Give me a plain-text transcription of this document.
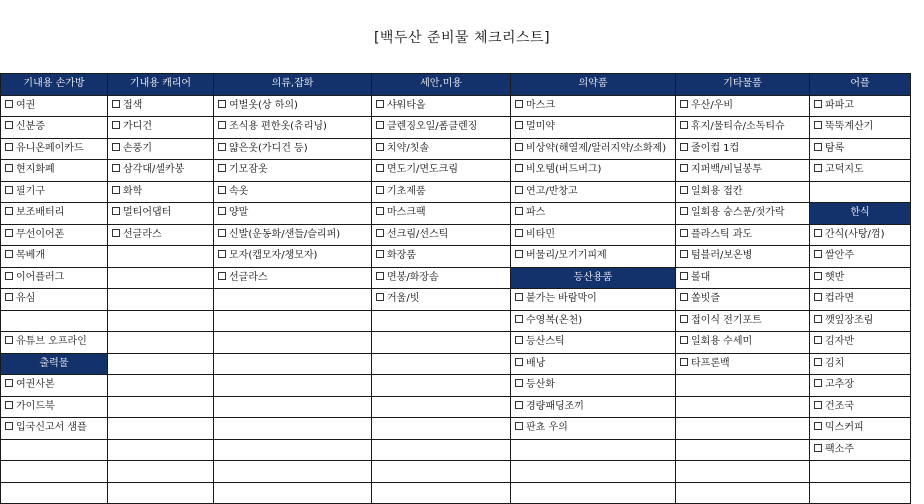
[백두산 준비물 체크리스트]
기내용 손가방	기내용 캐리어	의류,잡화	세안,미용	의약품	기타물품	어플
여권	접색	여벌옷(상 하의)	샤워타올	마스크	우산/우비	파파고
신분증	가디건	조식용 편한옷(츄리닝)	클렌징오일/폼클렌징	멀미약	휴지/물티슈/소독티슈	뚝뚝계산기
유니온페이카드	손풍기	얇은옷(가디건 등)	치약/칫솔	비상약(해열제/알러지약/소화제)	줄이컵 1컵	탐록
현지화폐	삼각대/셀카봉	기모잠옷	면도기/면도크림	비오템(버드버그)	지퍼백/비닐봉투	고덕지도
필기구	화학	속옷	기초제품	연고/반창고	일회용 접칸	
보조배터리	멀티어댑터	양말	마스크팩	파스	일회용 숭스푼/젓가락	한식
무선이어폰	선글라스	신발(운동화/샌들/슬리퍼)	선크림/선스틱	비타민	플라스틱 과도	간식(사탕/껌)
목베개		모자(캡모자/챙모자)	화장품	버물리/모기기피제	텀블러/보온병	쌀안주
이어플러그		선글라스	면봉/화장솜	등산용품	볼대	햇반
유심			거울/빗	붙가는 바람막이	쏠빗즐	컵라면
				수영복(온천)	접이식 전기포트	깻잎장조림
유튜브 오프라인				등산스틱	일회용 수세미	김자반
출력물				배낭	타프론백	김치
여권사본				등산화		고추장
가이드북				경량패딩조끼		건조국
입국신고서 샘플				판쵸 우의		믹스커피
						팩소주
